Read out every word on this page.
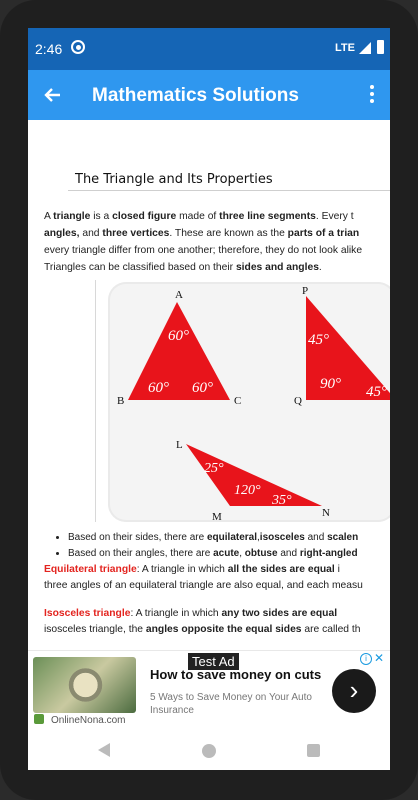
2:46	LTE
Mathematics Solutions
The Triangle and Its Properties
A triangle is a closed figure made of three line segments. Every t
angles, and three vertices. These are known as the parts of a trian
every triangle differ from one another; therefore, they do not look alike
Triangles can be classified based on their sides and angles.
A
B	C
60°
60° 60°
P
Q
45°
90° 45°
L
M	N
25°
120°
35°
• Based on their sides, there are equilateral,isosceles and scalen
• Based on their angles, there are acute, obtuse and right-angled
Equilateral triangle: A triangle in which all the sides are equal i
three angles of an equilateral triangle are also equal, and each measu
Isosceles triangle: A triangle in which any two sides are equal
isosceles triangle, the angles opposite the equal sides are called th
Test Ad
How to save money on cuts
5 Ways to Save Money on Your Auto Insurance
OnlineNona.com
i ✕
›
